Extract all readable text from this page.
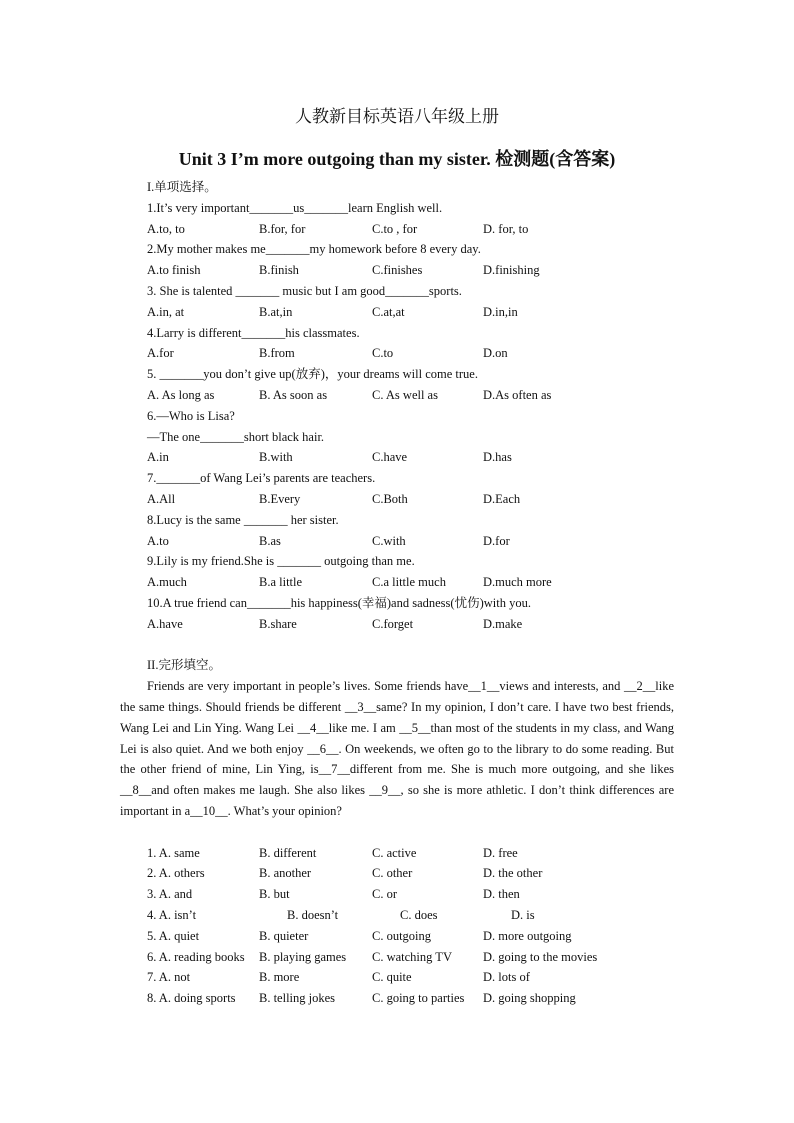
人教新目标英语八年级上册
Unit 3 I’m more outgoing than my sister. 检测题(含答案)
I.单项选择。
1.It’s very important_______us_______learn English well.
A.to, to	B.for, for	C.to , for	D. for, to
2.My mother makes me_______my homework before 8 every day.
A.to finish	B.finish	C.finishes	D.finishing
3. She is talented _______ music but I am good_______sports.
A.in, at	B.at,in	C.at,at	D.in,in
4.Larry is different_______his classmates.
A.for	B.from	C.to	D.on
5. _______you don’t give up(放弃)，your dreams will come true.
A. As long as	B. As soon as	C. As well as	D.As often as
6.—Who is Lisa?
—The one_______short black hair.
A.in	B.with	C.have	D.has
7._______of Wang Lei’s parents are teachers.
A.All	B.Every	C.Both	D.Each
8.Lucy is the same _______ her sister.
A.to	B.as	C.with	D.for
9.Lily is my friend.She is _______ outgoing than me.
A.much	B.a little	C.a little much	D.much more
10.A true friend can_______his happiness(幸福)and sadness(忧伤)with you.
A.have	B.share	C.forget	D.make
II.完形填空。
Friends are very important in people’s lives. Some friends have__1__views and interests, and __2__like the same things. Should friends be different __3__same? In my opinion, I don’t care. I have two best friends, Wang Lei and Lin Ying. Wang Lei __4__like me. I am __5__than most of the students in my class, and Wang Lei is also quiet. And we both enjoy __6__. On weekends, we often go to the library to do some reading. But the other friend of mine, Lin Ying, is__7__different from me. She is much more outgoing, and she likes __8__and often makes me laugh. She also likes __9__, so she is more athletic. I don’t think differences are important in a__10__. What’s your opinion?
1. A. same	B. different	C. active	D. free
2. A. others	B. another	C. other	D. the other
3. A. and	B. but	C. or	D. then
4. A. isn’t	B. doesn’t	C. does	D. is
5. A. quiet	B. quieter	C. outgoing	D. more outgoing
6. A. reading books B. playing games C. watching TV D. going to the movies
7. A. not	B. more	C. quite	D. lots of
8. A. doing sports B. telling jokes	C. going to parties D. going shopping
